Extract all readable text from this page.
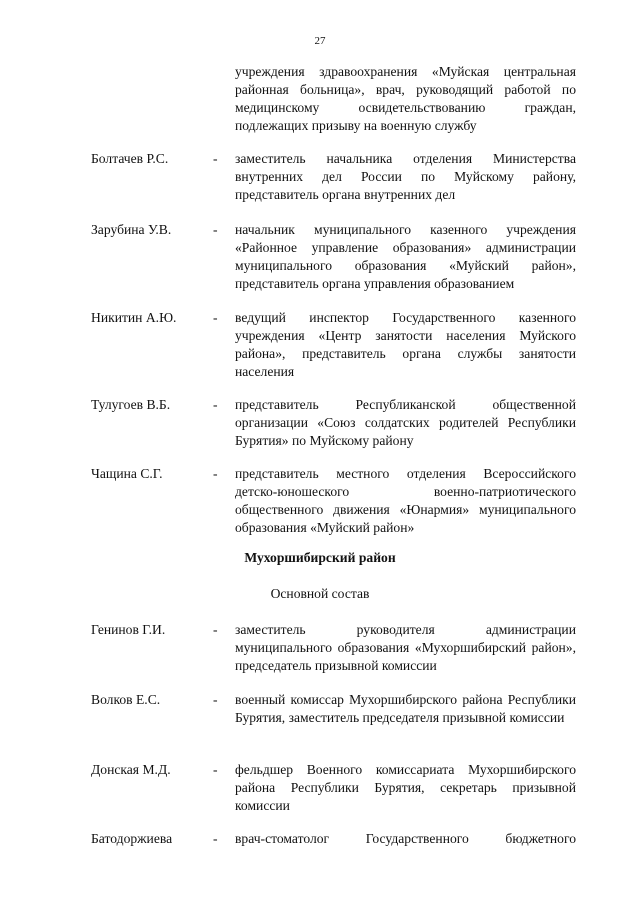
27
учреждения здравоохранения «Муйская центральная районная больница», врач, руководящий работой по медицинскому освидетельствованию граждан, подлежащих призыву на военную службу
Болтачев Р.С.	- заместитель начальника отделения Министерства внутренних дел России по Муйскому району, представитель органа внутренних дел
Зарубина У.В.	- начальник муниципального казенного учреждения «Районное управление образования» администрации муниципального образования «Муйский район», представитель органа управления образованием
Никитин А.Ю.	- ведущий инспектор Государственного казенного учреждения «Центр занятости населения Муйского района», представитель органа службы занятости населения
Тулугоев В.Б.	- представитель Республиканской общественной организации «Союз солдатских родителей Республики Бурятия» по Муйскому району
Чащина С.Г.	- представитель местного отделения Всероссийского детско-юношеского военно-патриотического общественного движения «Юнармия» муниципального образования «Муйский район»
Мухоршибирский район
Основной состав
Генинов Г.И.	- заместитель руководителя администрации муниципального образования «Мухоршибирский район», председатель призывной комиссии
Волков Е.С.	- военный комиссар Мухоршибирского района Республики Бурятия, заместитель председателя призывной комиссии
Донская М.Д.	- фельдшер Военного комиссариата Мухоршибирского района Республики Бурятия, секретарь призывной комиссии
Батодоржиева	- врач-стоматолог Государственного бюджетного
